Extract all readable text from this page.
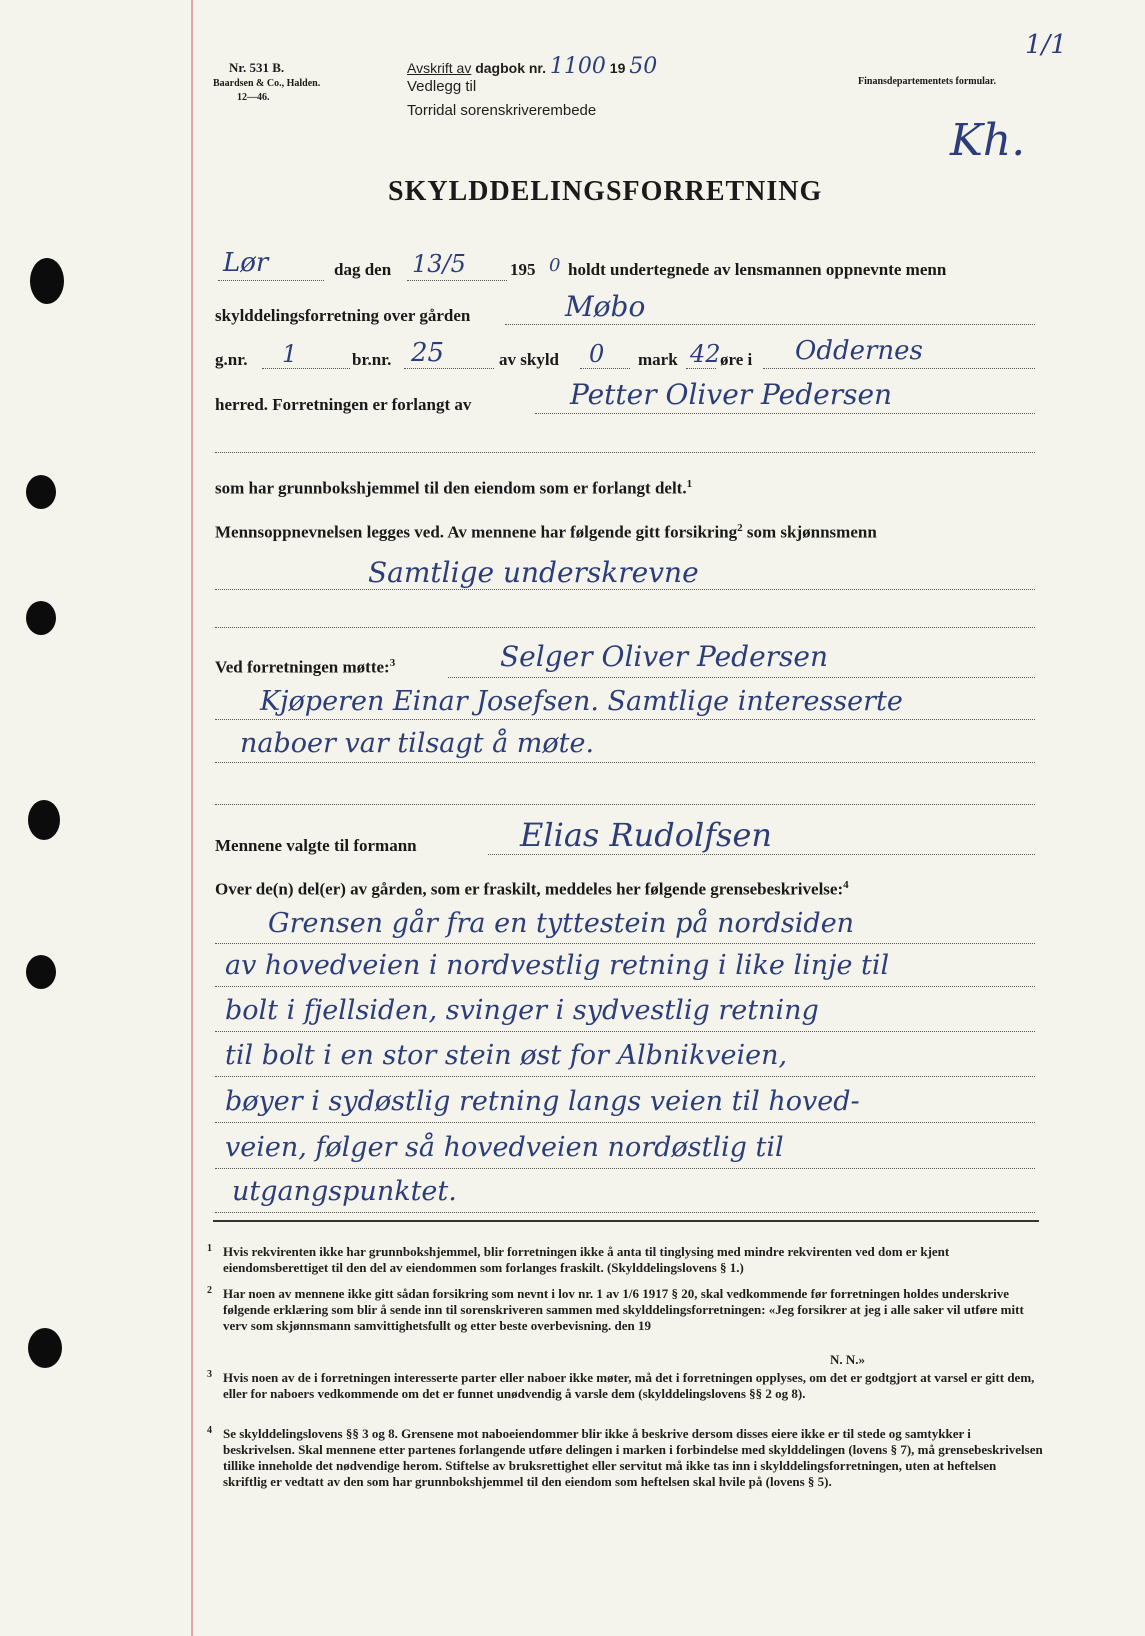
Nr. 531 B.
Baardsen & Co., Halden.
12—46.
Avskrift av dagbok nr. 1100 19 50
Vedlegg til
Torridal sorenskriverembede
Finansdepartementets formular.
1/1
Kh.
SKYLDDELINGSFORRETNING
Lør	dag den 13/5	195 0 holdt undertegnede av lensmannen oppnevnte menn
skylddelingsforretning over gården	Møbo
g.nr. 1	br.nr. 25	av skyld 0 mark 42 øre i Oddernes
herred. Forretningen er forlangt av	Petter Oliver Pedersen
som har grunnbokshjemmel til den eiendom som er forlangt delt.$^1$
Mennsoppnevnelsen legges ved. Av mennene har følgende gitt forsikring$^2$ som skjønnsmenn
Samtlige underskrevne
Ved forretningen møtte:$^3$	Selger Oliver Pedersen
Kjøperen Einar Josefsen. Samtlige interesserte
naboer var tilsagt å møte.
Mennene valgte til formann	Elias Rudolfsen
Over de(n) del(er) av gården, som er fraskilt, meddeles her følgende grensebeskrivelse:$^4$
Grensen går fra en tyttestein på nordsiden
av hovedveien i nordvestlig retning i like linje til
bolt i fjellsiden, svinger i sydvestlig retning
til bolt i en stor stein øst for Albnikveien,
bøyer i sydøstlig retning langs veien til hoved-
veien, følger så hovedveien nordøstlig til
utgangspunktet.
1 Hvis rekvirenten ikke har grunnbokshjemmel, blir forretningen ikke å anta til tinglysing med mindre rekvirenten ved dom er kjent eiendomsberettiget til den del av eiendommen som forlanges fraskilt. (Skylddelingslovens § 1.)
2 Har noen av mennene ikke gitt sådan forsikring som nevnt i lov nr. 1 av 1/6 1917 § 20, skal vedkommende før forretningen holdes underskrive følgende erklæring som blir å sende inn til sorenskriveren sammen med skylddelingsforretningen: «Jeg forsikrer at jeg i alle saker vil utføre mitt verv som skjønnsmann samvittighetsfullt og etter beste overbevisning. den 19
N. N.»
3 Hvis noen av de i forretningen interesserte parter eller naboer ikke møter, må det i forretningen opplyses, om det er godtgjort at varsel er gitt dem, eller for naboers vedkommende om det er funnet unødvendig å varsle dem (skylddelingslovens §§ 2 og 8).
4 Se skylddelingslovens §§ 3 og 8. Grensene mot naboeiendommer blir ikke å beskrive dersom disses eiere ikke er til stede og samtykker i beskrivelsen. Skal mennene etter partenes forlangende utføre delingen i marken i forbindelse med skylddelingen (lovens § 7), må grensebeskrivelsen tillike inneholde det nødvendige herom. Stiftelse av bruksrettighet eller servitut må ikke tas inn i skylddelingsforretningen, uten at heftelsen skriftlig er vedtatt av den som har grunnbokshjemmel til den eiendom som heftelsen skal hvile på (lovens § 5).
